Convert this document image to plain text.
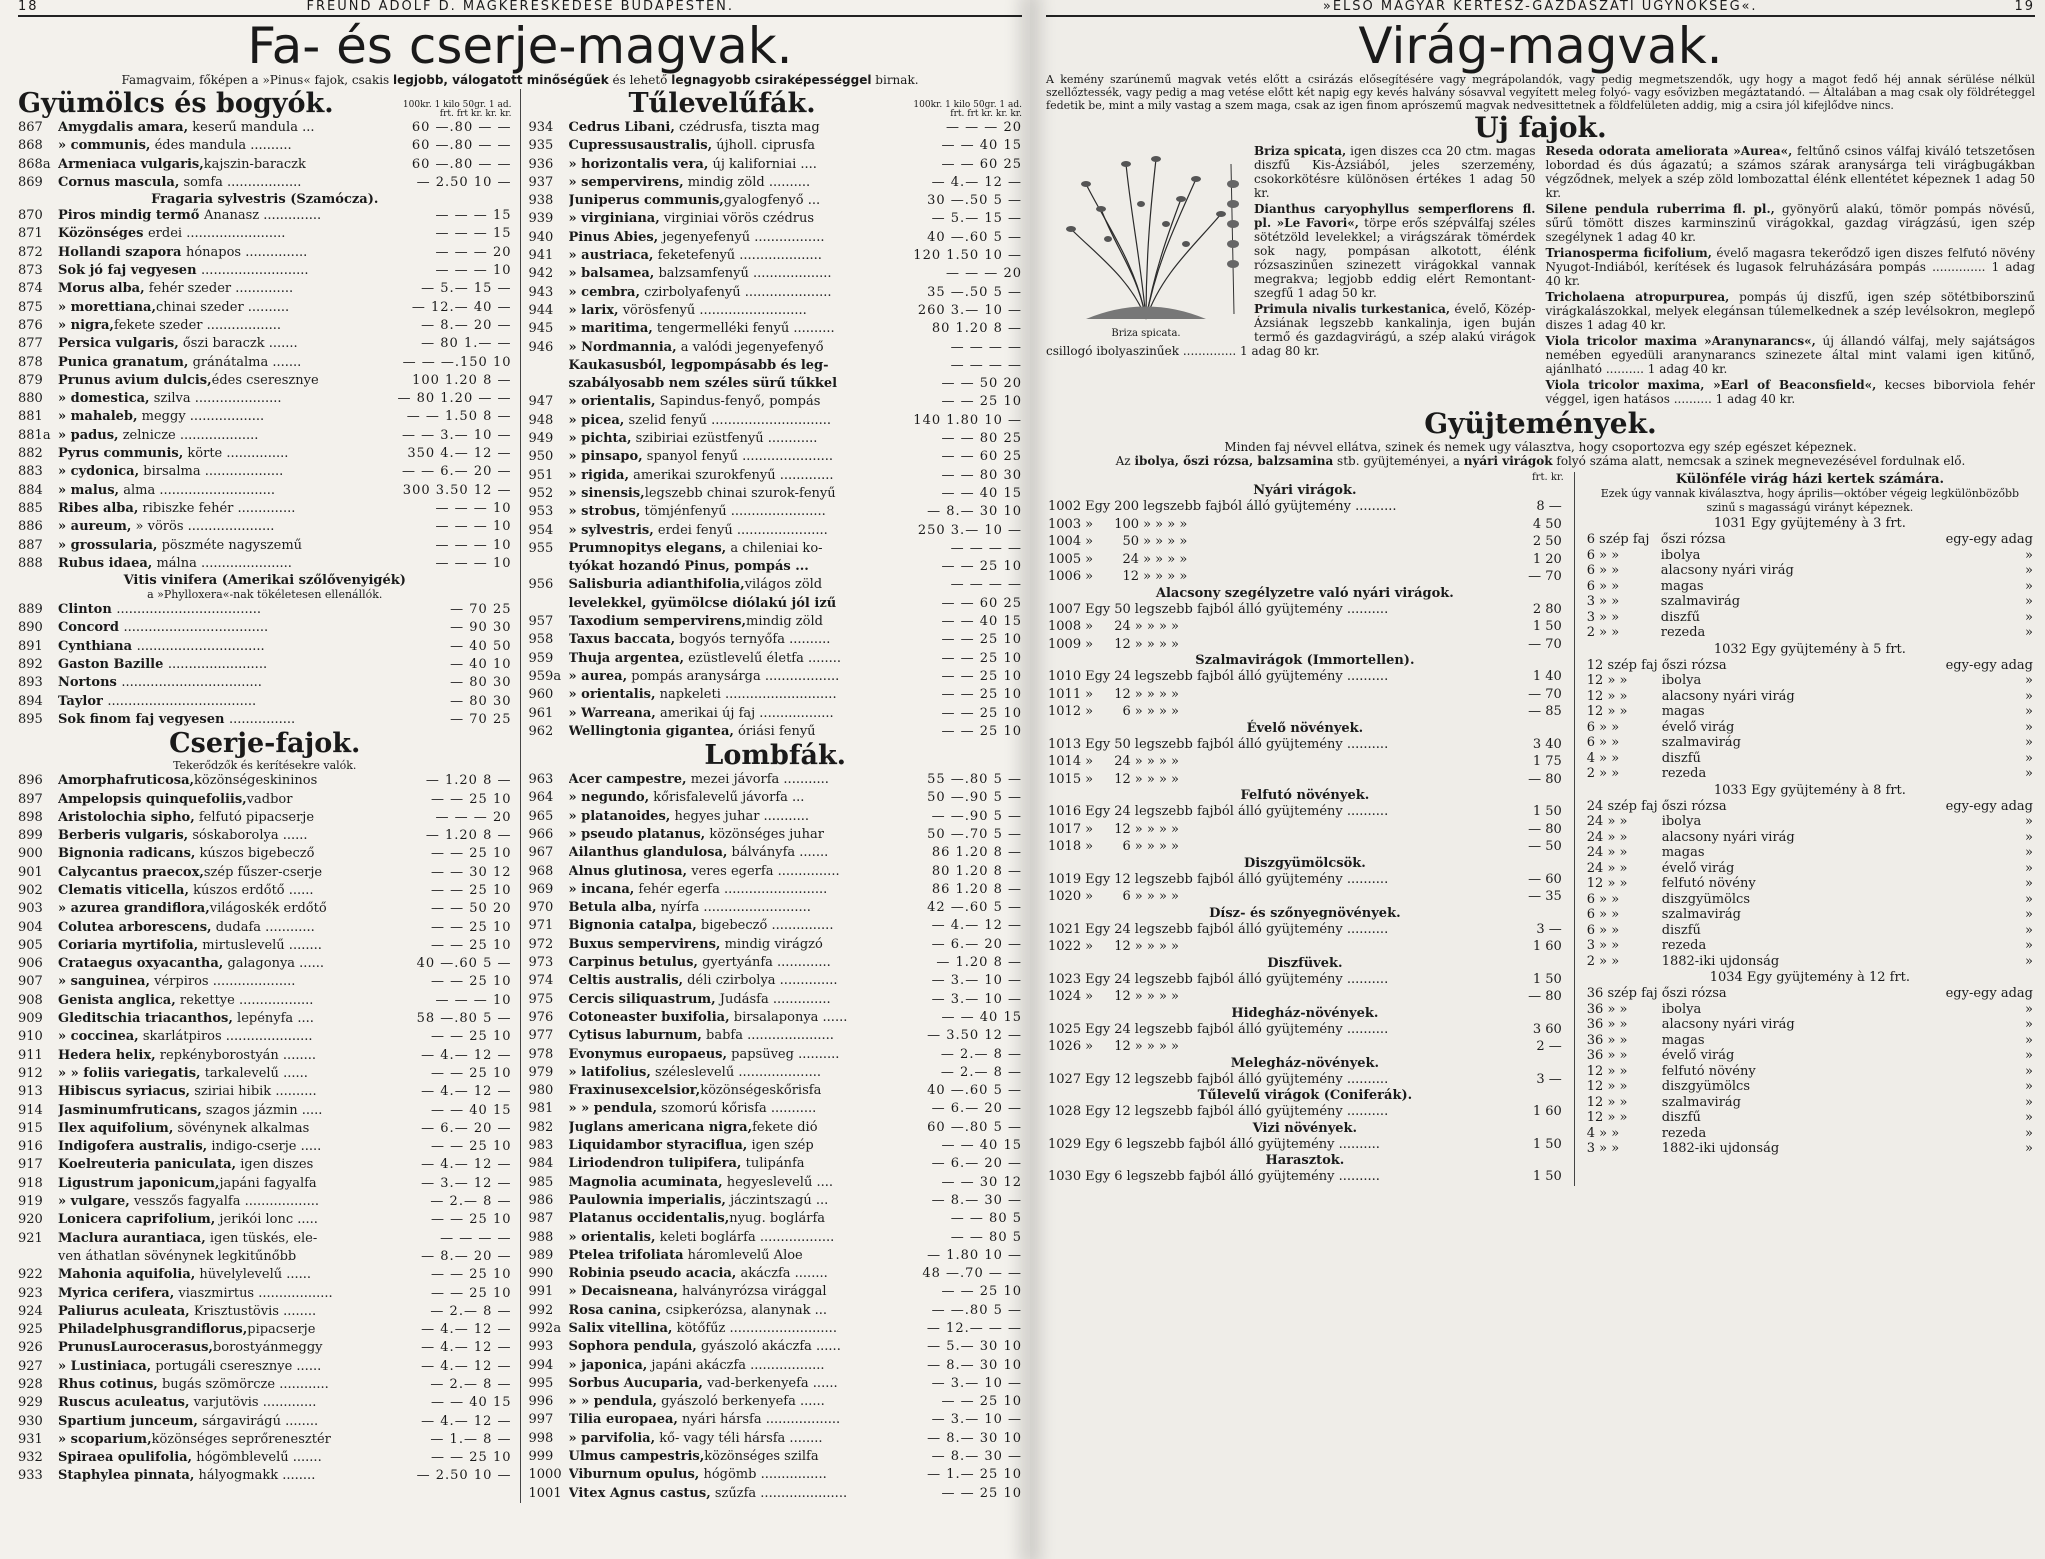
18	FREUND ADOLF D. MAGKERESKEDÉSE BUDAPESTEN.
Fa- és cserje-magvak.
Famagvaim, főképen a »Pinus« fajok, csakis legjobb, válogatott minőségűek és lehető legnagyobb csiraképességgel birnak.
Gyümölcs és bogyók.	100kr. 1 kilo 50gr. 1 ad.
frt. frt kr. kr. kr.
867	Amygdalis amara, keserű mandula ...	60 —.80 — —
868	» communis, édes mandula ..........	60 —.80 — —
868a Armeniaca vulgaris,kajszin-baraczk	60 —.80 — —
869	Cornus mascula, somfa ..................	— 2.50 10 —
Fragaria sylvestris (Szamócza).
870	Piros mindig termő Ananasz ..............	— — — 15
871	Közönséges erdei ........................	— — — 15
872	Hollandi szapora hónapos ...............	— — — 20
873	Sok jó faj vegyesen ..........................	— — — 10
874	Morus alba, fehér szeder ..............	— 5.— 15 —
875	» morettiana,chinai szeder ..........	— 12.— 40 —
876	» nigra,fekete szeder ..................	— 8.— 20 —
877	Persica vulgaris, őszi baraczk .......	— 80 1.— —
878	Punica granatum, gránátalma .......	— — —.150 10
879	Prunus avium dulcis,édes cseresznye	100 1.20 8 —
880	» domestica, szilva .....................	— 80 1.20 — —
881	» mahaleb, meggy ..................	— — 1.50 8 —
881a » padus, zelnicze ...................	— — 3.— 10 —
882	Pyrus communis, körte ...............	350 4.— 12 —
883	» cydonica, birsalma ...................	— — 6.— 20 —
884	» malus, alma ............................	300 3.50 12 —
885	Ribes alba, ribiszke fehér ..............	— — — 10
886	» aureum, » vörös .....................	— — — 10
887	» grossularia, pöszméte nagyszemű	— — — 10
888	Rubus idaea, málna ......................	— — — 10
Vitis vinifera (Amerikai szőlővenyigék)
a »Phylloxera«-nak tökéletesen ellenállók.
889	Clinton ...................................	— 70 25
890	Concord ...................................	— 90 30
891	Cynthiana ...............................	— 40 50
892	Gaston Bazille ........................	— 40 10
893	Nortons ..................................	— 80 30
894	Taylor ....................................	— 80 30
895	Sok finom faj vegyesen ................	— 70 25
Cserje-fajok.
Tekerődzők és kerítésekre valók.
896	Amorphafruticosa,közönségeskininos	— 1.20 8 —
897	Ampelopsis quinquefoliis,vadbor	— — 25 10
898	Aristolochia sipho, felfutó pipacserje	— — — 20
899	Berberis vulgaris, sóskaborolya ......	— 1.20 8 —
900	Bignonia radicans, kúszos bigebecző	— — 25 10
901	Calycantus praecox,szép fűszer-cserje	— — 30 12
902	Clematis viticella, kúszos erdőtő ......	— — 25 10
903	» azurea grandiflora,világoskék erdőtő	— — 50 20
904	Colutea arborescens, dudafa ............	— — 25 10
905	Coriaria myrtifolia, mirtuslevelű ........	— — 25 10
906	Crataegus oxyacantha, galagonya ......	40 —.60 5 —
907	» sanguinea, vérpiros ....................	— — 25 10
908	Genista anglica, rekettye ..................	— — — 10
909	Gleditschia triacanthos, lepényfa ....	58 —.80 5 —
910	» coccinea, skarlátpiros .....................	— — 25 10
911	Hedera helix, repkényborostyán ........	— 4.— 12 —
912	» » foliis variegatis, tarkalevelű ......	— — 25 10
913	Hibiscus syriacus, sziriai hibik ..........	— 4.— 12 —
914	Jasminumfruticans, szagos jázmin .....	— — 40 15
915	Ilex aquifolium, sövénynek alkalmas	— 6.— 20 —
916	Indigofera australis, indigo-cserje .....	— — 25 10
917	Koelreuteria paniculata, igen diszes	— 4.— 12 —
918	Ligustrum japonicum,japáni fagyalfa	— 3.— 12 —
919	» vulgare, vesszős fagyalfa ..................	— 2.— 8 —
920	Lonicera caprifolium, jerikói lonc .....	— — 25 10
921	Maclura aurantiaca, igen tüskés, ele-	— — — —
ven áthatlan sövénynek legkitűnőbb	— 8.— 20 —
922	Mahonia aquifolia, hüvelylevelű ......	— — 25 10
923	Myrica cerifera, viaszmirtus ..................	— — 25 10
924	Paliurus aculeata, Krisztustövis ........	— 2.— 8 —
925	Philadelphusgrandiflorus,pipacserje	— 4.— 12 —
926	PrunusLaurocerasus,borostyánmeggy	— 4.— 12 —
927	» Lustiniaca, portugáli cseresznye ......	— 4.— 12 —
928	Rhus cotinus, bugás szömörcze ............	— 2.— 8 —
929	Ruscus aculeatus, varjutövis .............	— — 40 15
930	Spartium junceum, sárgavirágú ........	— 4.— 12 —
931	» scoparium,közönséges seprőrenesztér	— 1.— 8 —
932	Spiraea opulifolia, hógömblevelű .......	— — 25 10
933	Staphylea pinnata, hályogmakk ........	— 2.50 10 —
Tűlevelűfák.	100kr. 1 kilo 50gr. 1 ad.
frt. frt kr. kr. kr.
934	Cedrus Libani, czédrusfa, tiszta mag	— — — 20
935	Cupressusaustralis, újholl. ciprusfa	— — 40 15
936	» horizontalis vera, új kaliforniai ....	— — 60 25
937	» sempervirens, mindig zöld ..........	— 4.— 12 —
938	Juniperus communis,gyalogfenyő ...	30 —.50 5 —
939	» virginiana, virginiai vörös czédrus	— 5.— 15 —
940	Pinus Abies, jegenyefenyű .................	40 —.60 5 —
941	» austriaca, feketefenyű ....................	120 1.50 10 —
942	» balsamea, balzsamfenyű ...................	— — — 20
943	» cembra, czirbolyafenyű .....................	35 —.50 5 —
944	» larix, vörösfenyű ..........................	260 3.— 10 —
945	» maritima, tengermelléki fenyű ..........	80 1.20 8 —
946	» Nordmannia, a valódi jegenyefenyő	— — — —
Kaukasusból, legpompásabb és leg-	— — — —
szabályosabb nem széles sürű tűkkel	— — 50 20
947	» orientalis, Sapindus-fenyő, pompás	— — 25 10
948	» picea, szelid fenyű .............................	140 1.80 10 —
949	» pichta, szibiriai ezüstfenyű ............	— — 80 25
950	» pinsapo, spanyol fenyű ......................	— — 60 25
951	» rigida, amerikai szurokfenyű .............	— — 80 30
952	» sinensis,legszebb chinai szurok-fenyű	— — 40 15
953	» strobus, tömjénfenyű .......................	— 8.— 30 10
954	» sylvestris, erdei fenyű ......................	250 3.— 10 —
955	Prumnopitys elegans, a chileniai ko-	— — — —
tyókat hozandó Pinus, pompás ...	— — 25 10
956	Salisburia adianthifolia,világos zöld	— — — —
levelekkel, gyümölcse diólakú jól izű	— — 60 25
957	Taxodium sempervirens,mindig zöld	— — 40 15
958	Taxus baccata, bogyós ternyőfa ..........	— — 25 10
959	Thuja argentea, ezüstlevelű életfa ........	— — 25 10
959a » aurea, pompás aranysárga ..................	— — 25 10
960	» orientalis, napkeleti ...........................	— — 25 10
961	» Warreana, amerikai új faj ..................	— — 25 10
962	Wellingtonia gigantea, óriási fenyű	— — 25 10
Lombfák.
963	Acer campestre, mezei jávorfa ...........	55 —.80 5 —
964	» negundo, kőrisfalevelű jávorfa ...	50 —.90 5 —
965	» platanoides, hegyes juhar ...........	— —.90 5 —
966	» pseudo platanus, közönséges juhar	50 —.70 5 —
967	Ailanthus glandulosa, bálványfa .......	86 1.20 8 —
968	Alnus glutinosa, veres egerfa ...............	80 1.20 8 —
969	» incana, fehér egerfa .........................	86 1.20 8 —
970	Betula alba, nyírfa ..........................	42 —.60 5 —
971	Bignonia catalpa, bigebecző ...............	— 4.— 12 —
972	Buxus sempervirens, mindig virágzó	— 6.— 20 —
973	Carpinus betulus, gyertyánfa .............	— 1.20 8 —
974	Celtis australis, déli czirbolya ..............	— 3.— 10 —
975	Cercis siliquastrum, Judásfa ..............	— 3.— 10 —
976	Cotoneaster buxifolia, birsalaponya ......	— — 40 15
977	Cytisus laburnum, babfa .....................	— 3.50 12 —
978	Evonymus europaeus, papsüveg ..........	— 2.— 8 —
979	» latifolius, széleslevelű ....................	— 2.— 8 —
980	Fraxinusexcelsior,közönségeskőrisfa	40 —.60 5 —
981	» » pendula, szomorú kőrisfa ...........	— 6.— 20 —
982	Juglans americana nigra,fekete dió	60 —.80 5 —
983	Liquidambor styraciflua, igen szép	— — 40 15
984	Liriodendron tulipifera, tulipánfa	— 6.— 20 —
985	Magnolia acuminata, hegyeslevelű ....	— — 30 12
986	Paulownia imperialis, jáczintszagú ...	— 8.— 30 —
987	Platanus occidentalis,nyug. boglárfa	— — 80 5
988	» orientalis, keleti boglárfa ..................	— — 80 5
989	Ptelea trifoliata háromlevelű Aloe	— 1.80 10 —
990	Robinia pseudo acacia, akáczfa ........	48 —.70 — —
991	» Decaisneana, halványrózsa virággal	— — 25 10
992	Rosa canina, csipkerózsa, alanynak ...	— —.80 5 —
992a Salix vitellina, kötőfűz ..........................	— 12.— — —
993	Sophora pendula, gyászoló akáczfa ......	— 5.— 30 10
994	» japonica, japáni akáczfa ..................	— 8.— 30 10
995	Sorbus Aucuparia, vad-berkenyefa ......	— 3.— 10 —
996	» » pendula, gyászoló berkenyefa ......	— — 25 10
997	Tilia europaea, nyári hársfa ..................	— 3.— 10 —
998	» parvifolia, kő- vagy téli hársfa ........	— 8.— 30 10
999	Ulmus campestris,közönséges szilfa	— 8.— 30 —
1000 Viburnum opulus, hógömb ................	— 1.— 25 10
1001 Vitex Agnus castus, szűzfa .....................	— — 25 10
»ELSŐ MAGYAR KERTÉSZ-GAZDÁSZATI ÜGYNÖKSÉG«.	19
Virág-magvak.
A kemény szarúnemű magvak vetés előtt a csirázás elősegítésére vagy megrápolandók, vagy pedig megmetszendők, ugy hogy a magot fedő héj annak sérülése nélkül szellőztessék, vagy pedig a mag vetése előtt két napig egy kevés halvány sósavval vegyített meleg folyó- vagy esővizben megáztatandó. — Általában a mag csak oly földréteggel fedetik be, mint a mily vastag a szem maga, csak az igen finom aprószemű magvak nedvesittetnek a földfelületen addig, mig a csira jól kifejlődve nincs.
Uj fajok.
Briza spicata.
Briza spicata, igen diszes cca 20 ctm. magas diszfű Kis-Ázsiából, jeles szerzemény, csokorkötésre különösen értékes 1 adag 50 kr.
Dianthus caryophyllus semperflorens fl. pl. »Le Favori«, törpe erős szépválfaj széles sötétzöld levelekkel; a virágszárak tömérdek sok nagy, pompásan alkotott, élénk rózsaszinűen szinezett virágokkal vannak megrakva; legjobb eddig elért Remontant-szegfű 1 adag 50 kr.
Primula nivalis turkestanica, évelő, Közép-Ázsiának legszebb kankalinja, igen buján termő és gazdagvirágú, a szép alakú virágok csillogó ibolyaszinűek .............. 1 adag 80 kr.
Reseda odorata ameliorata »Aurea«, feltűnő csinos válfaj kiváló tetszetősen lobordad és dús ágazatú; a számos szárak aranysárga teli virágbugákban végződnek, melyek a szép zöld lombozattal élénk ellentétet képeznek 1 adag 50 kr.
Silene pendula ruberrima fl. pl., gyönyörű alakú, tömör pompás növésű, sűrű tömött diszes karminszinű virágokkal, gazdag virágzású, igen szép szegélynek 1 adag 40 kr.
Trianosperma ficifolium, évelő magasra tekerődző igen diszes felfutó növény Nyugot-Indiából, kerítések és lugasok felruházására pompás .............. 1 adag 40 kr.
Tricholaena atropurpurea, pompás új diszfű, igen szép sötétbiborszinű virágkalászokkal, melyek elegánsan túlemelkednek a szép levélsokron, meglepő diszes 1 adag 40 kr.
Viola tricolor maxima »Aranynarancs«, új állandó válfaj, mely sajátságos nemében egyedüli aranynarancs szinezete által mint valami igen kitűnő, ajánlható .......... 1 adag 40 kr.
Viola tricolor maxima, »Earl of Beaconsfield«, kecses biborviola fehér véggel, igen hatásos .......... 1 adag 40 kr.
Gyüjtemények.
Minden faj névvel ellátva, szinek és nemek ugy választva, hogy csoportozva egy szép egészet képeznek.
Az ibolya, őszi rózsa, balzsamina stb. gyüjteményei, a nyári virágok folyó száma alatt, nemcsak a szinek megnevezésével fordulnak elő.
frt. kr.
Nyári virágok.
1002	Egy	200	legszebb fajból álló gyüjtemény ..........	8 —
1003	»	100	» » » »	4 50
1004	»	50	» » » »	2 50
1005	»	24	» » » »	1 20
1006	»	12	» » » »	— 70
Alacsony szegélyzetre való nyári virágok.
1007	Egy	50	legszebb fajból álló gyüjtemény ..........	2 80
1008	»	24	» » » »	1 50
1009	»	12	» » » »	— 70
Szalmavirágok (Immortellen).
1010	Egy	24	legszebb fajból álló gyüjtemény ..........	1 40
1011	»	12	» » » »	— 70
1012	»	6	» » » »	— 85
Évelő növények.
1013	Egy	50	legszebb fajból álló gyüjtemény ..........	3 40
1014	»	24	» » » »	1 75
1015	»	12	» » » »	— 80
Felfutó növények.
1016	Egy	24	legszebb fajból álló gyüjtemény ..........	1 50
1017	»	12	» » » »	— 80
1018	»	6	» » » »	— 50
Diszgyümölcsök.
1019	Egy	12	legszebb fajból álló gyüjtemény ..........	— 60
1020	»	6	» » » »	— 35
Dísz- és szőnyegnövények.
1021	Egy	24	legszebb fajból álló gyüjtemény ..........	3 —
1022	»	12	» » » »	1 60
Diszfüvek.
1023	Egy	24	legszebb fajból álló gyüjtemény ..........	1 50
1024	»	12	» » » »	— 80
Hidegház-növények.
1025	Egy	24	legszebb fajból álló gyüjtemény ..........	3 60
1026	»	12	» » » »	2 —
Melegház-növények.
1027	Egy	12	legszebb fajból álló gyüjtemény ..........	3 —
Tűlevelű virágok (Coniferák).
1028	Egy	12	legszebb fajból álló gyüjtemény ..........	1 60
Vizi növények.
1029	Egy	6	legszebb fajból álló gyüjtemény ..........	1 50
Harasztok.
1030	Egy	6	legszebb fajból álló gyüjtemény ..........	1 50
Különféle virág házi kertek számára.
Ezek úgy vannak kiválasztva, hogy április—október végeig legkülönbözőbb szinű s magasságú virányt képeznek.
1031 Egy gyüjtemény à 3 frt.
6 szép faj	őszi rózsa	egy-egy adag
6 » »	ibolya	»
6 » »	alacsony nyári virág	»
6 » »	magas	»
3 » »	szalmavirág	»
3 » »	diszfű	»
2 » »	rezeda	»
1032 Egy gyüjtemény à 5 frt.
12 szép faj	őszi rózsa	egy-egy adag
12 » »	ibolya	»
12 » »	alacsony nyári virág	»
12 » »	magas	»
6 » »	évelő virág	»
6 » »	szalmavirág	»
4 » »	diszfű	»
2 » »	rezeda	»
1033 Egy gyüjtemény à 8 frt.
24 szép faj	őszi rózsa	egy-egy adag
24 » »	ibolya	»
24 » »	alacsony nyári virág	»
24 » »	magas	»
24 » »	évelő virág	»
12 » »	felfutó növény	»
6 » »	diszgyümölcs	»
6 » »	szalmavirág	»
6 » »	diszfű	»
3 » »	rezeda	»
2 » »	1882-iki ujdonság	»
1034 Egy gyüjtemény à 12 frt.
36 szép faj	őszi rózsa	egy-egy adag
36 » »	ibolya	»
36 » »	alacsony nyári virág	»
36 » »	magas	»
36 » »	évelő virág	»
12 » »	felfutó növény	»
12 » »	diszgyümölcs	»
12 » »	szalmavirág	»
12 » »	diszfű	»
4 » »	rezeda	»
3 » »	1882-iki ujdonság	»
